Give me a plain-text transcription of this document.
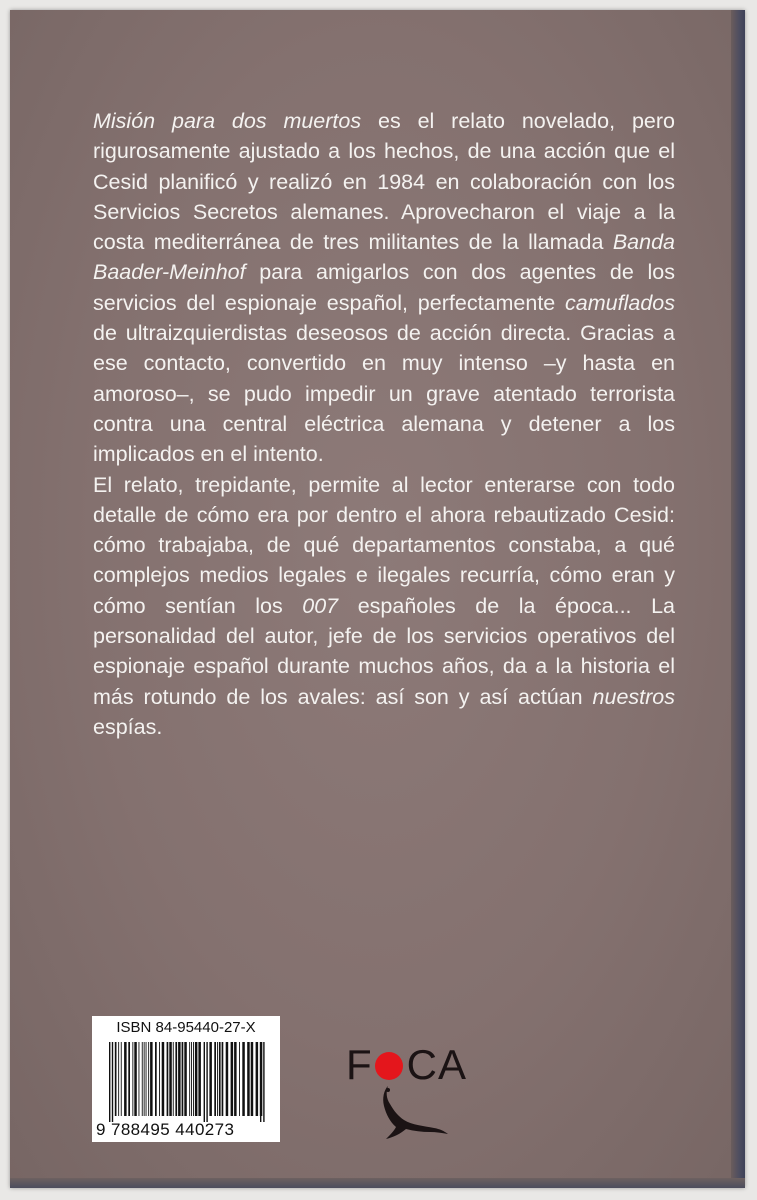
Misión para dos muertos es el relato novelado, pero rigurosamente ajustado a los hechos, de una acción que el Cesid planificó y realizó en 1984 en colaboración con los Servicios Secretos alemanes. Aprovecharon el viaje a la costa mediterránea de tres militantes de la llamada Banda Baader-Meinhof para amigarlos con dos agentes de los servicios del espionaje español, perfectamente camuflados de ultraizquierdistas deseosos de acción directa. Gracias a ese contacto, convertido en muy intenso –y hasta en amoroso–, se pudo impedir un grave atentado terrorista contra una central eléctrica alemana y detener a los implicados en el intento.

El relato, trepidante, permite al lector enterarse con todo detalle de cómo era por dentro el ahora rebautizado Cesid: cómo trabajaba, de qué departamentos constaba, a qué complejos medios legales e ilegales recurría, cómo eran y cómo sentían los 007 españoles de la época... La personalidad del autor, jefe de los servicios operativos del espionaje español durante muchos años, da a la historia el más rotundo de los avales: así son y así actúan nuestros espías.

ISBN 84-95440-27-X
9 788495 440273
F CA
